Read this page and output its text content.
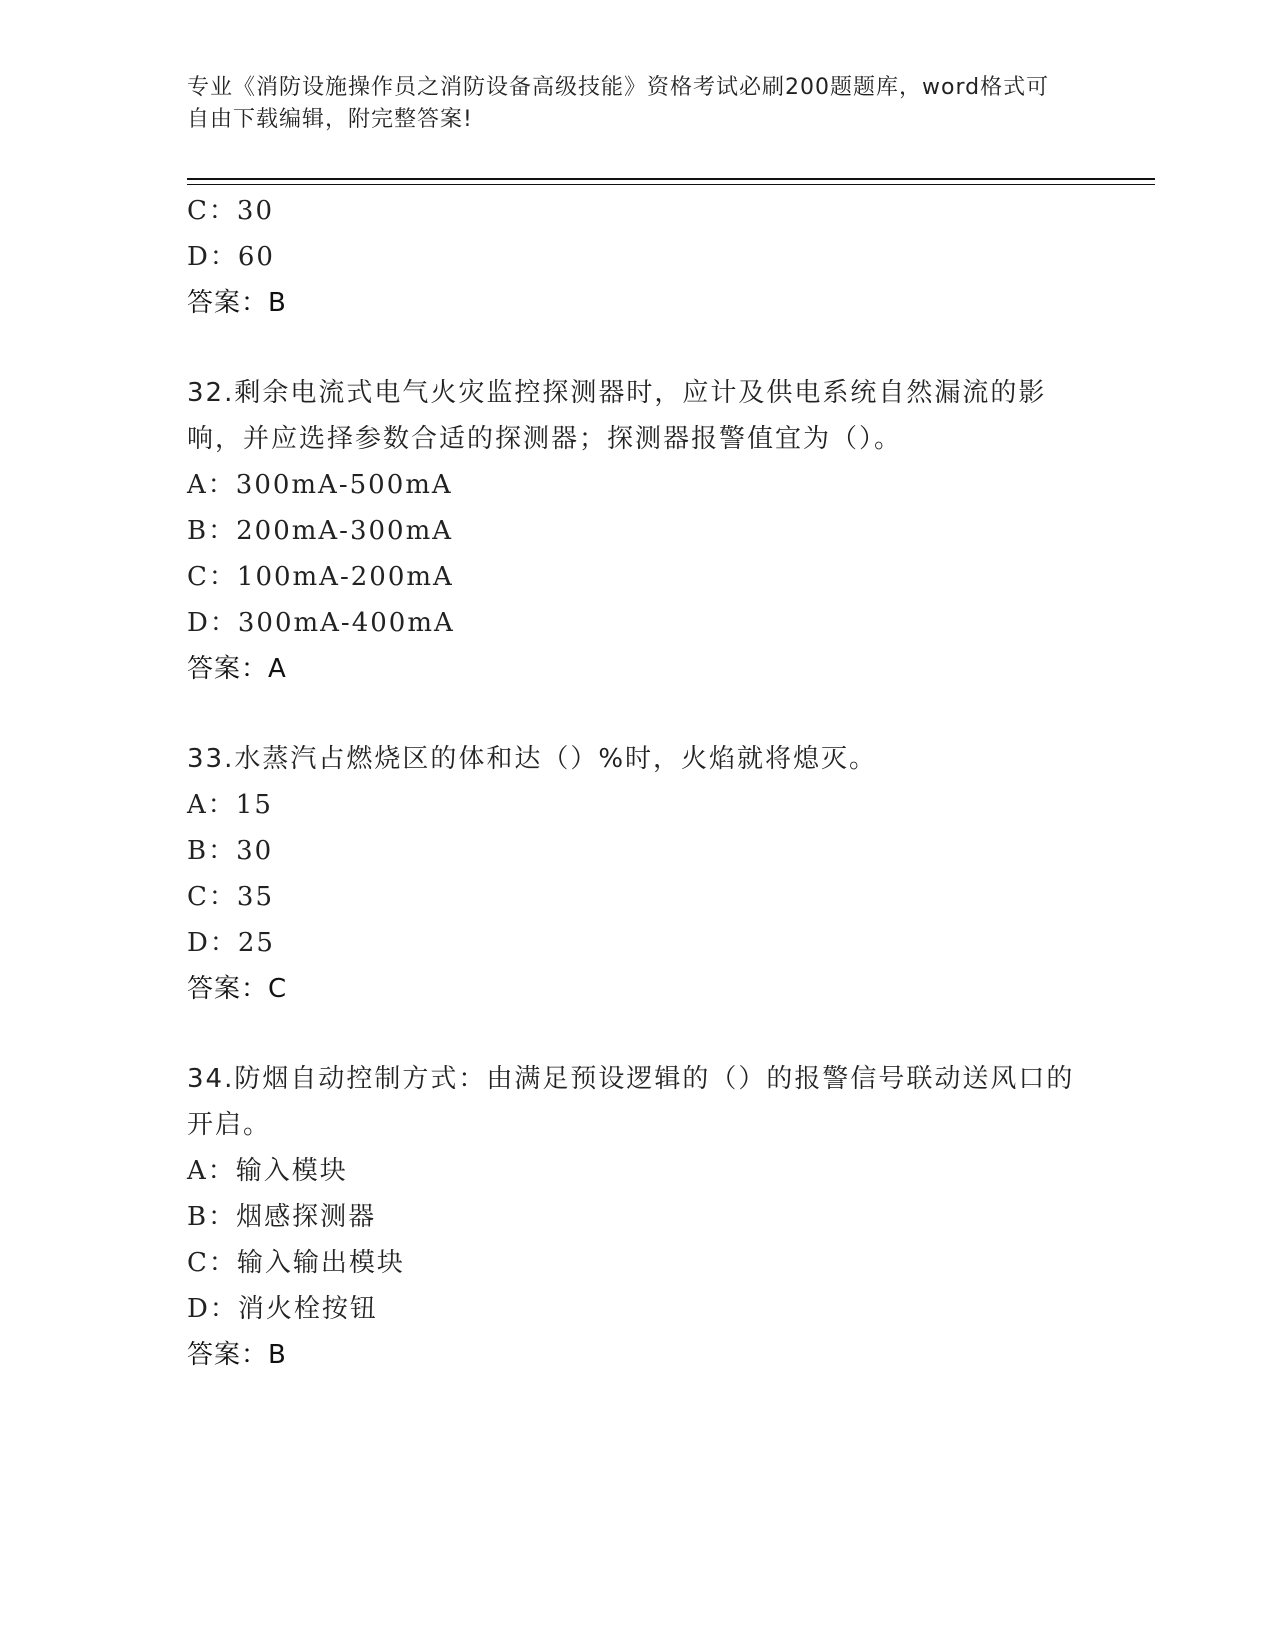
专业《消防设施操作员之消防设备高级技能》资格考试必刷200题题库，word格式可自由下载编辑，附完整答案!
C：30
D：60
答案：B
32.剩余电流式电气火灾监控探测器时，应计及供电系统自然漏流的影响，并应选择参数合适的探测器；探测器报警值宜为（）。
A：300mA-500mA
B：200mA-300mA
C：100mA-200mA
D：300mA-400mA
答案：A
33.水蒸汽占燃烧区的体和达（）%时，火焰就将熄灭。
A：15
B：30
C：35
D：25
答案：C
34.防烟自动控制方式：由满足预设逻辑的（）的报警信号联动送风口的开启。
A：输入模块
B：烟感探测器
C：输入输出模块
D：消火栓按钮
答案：B
